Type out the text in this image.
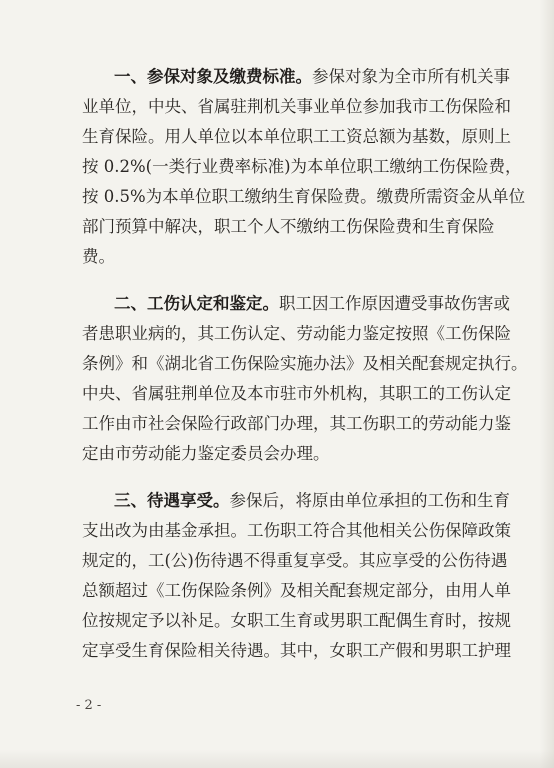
一、参保对象及缴费标准。参保对象为全市所有机关事
业单位，中央、省属驻荆机关事业单位参加我市工伤保险和
生育保险。用人单位以本单位职工工资总额为基数，原则上
按 0.2%(一类行业费率标准)为本单位职工缴纳工伤保险费，
按 0.5%为本单位职工缴纳生育保险费。缴费所需资金从单位
部门预算中解决，职工个人不缴纳工伤保险费和生育保险
费。
二、工伤认定和鉴定。职工因工作原因遭受事故伤害或
者患职业病的，其工伤认定、劳动能力鉴定按照《工伤保险
条例》和《湖北省工伤保险实施办法》及相关配套规定执行。
中央、省属驻荆单位及本市驻市外机构，其职工的工伤认定
工作由市社会保险行政部门办理，其工伤职工的劳动能力鉴
定由市劳动能力鉴定委员会办理。
三、待遇享受。参保后，将原由单位承担的工伤和生育
支出改为由基金承担。工伤职工符合其他相关公伤保障政策
规定的，工(公)伤待遇不得重复享受。其应享受的公伤待遇
总额超过《工伤保险条例》及相关配套规定部分，由用人单
位按规定予以补足。女职工生育或男职工配偶生育时，按规
定享受生育保险相关待遇。其中，女职工产假和男职工护理
- 2 -
